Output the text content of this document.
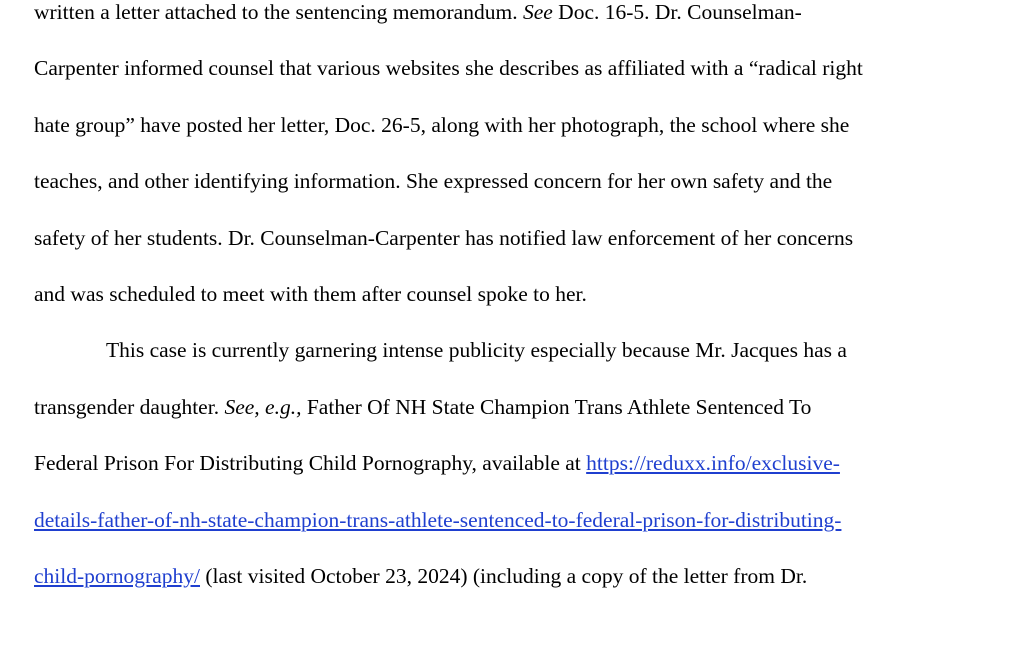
written a letter attached to the sentencing memorandum. See Doc. 16-5. Dr. Counselman-
Carpenter informed counsel that various websites she describes as affiliated with a “radical right
hate group” have posted her letter, Doc. 26-5, along with her photograph, the school where she
teaches, and other identifying information. She expressed concern for her own safety and the
safety of her students. Dr. Counselman-Carpenter has notified law enforcement of her concerns
and was scheduled to meet with them after counsel spoke to her.
This case is currently garnering intense publicity especially because Mr. Jacques has a
transgender daughter. See, e.g., Father Of NH State Champion Trans Athlete Sentenced To
Federal Prison For Distributing Child Pornography, available at https://reduxx.info/exclusive-
details-father-of-nh-state-champion-trans-athlete-sentenced-to-federal-prison-for-distributing-
child-pornography/ (last visited October 23, 2024) (including a copy of the letter from Dr.
